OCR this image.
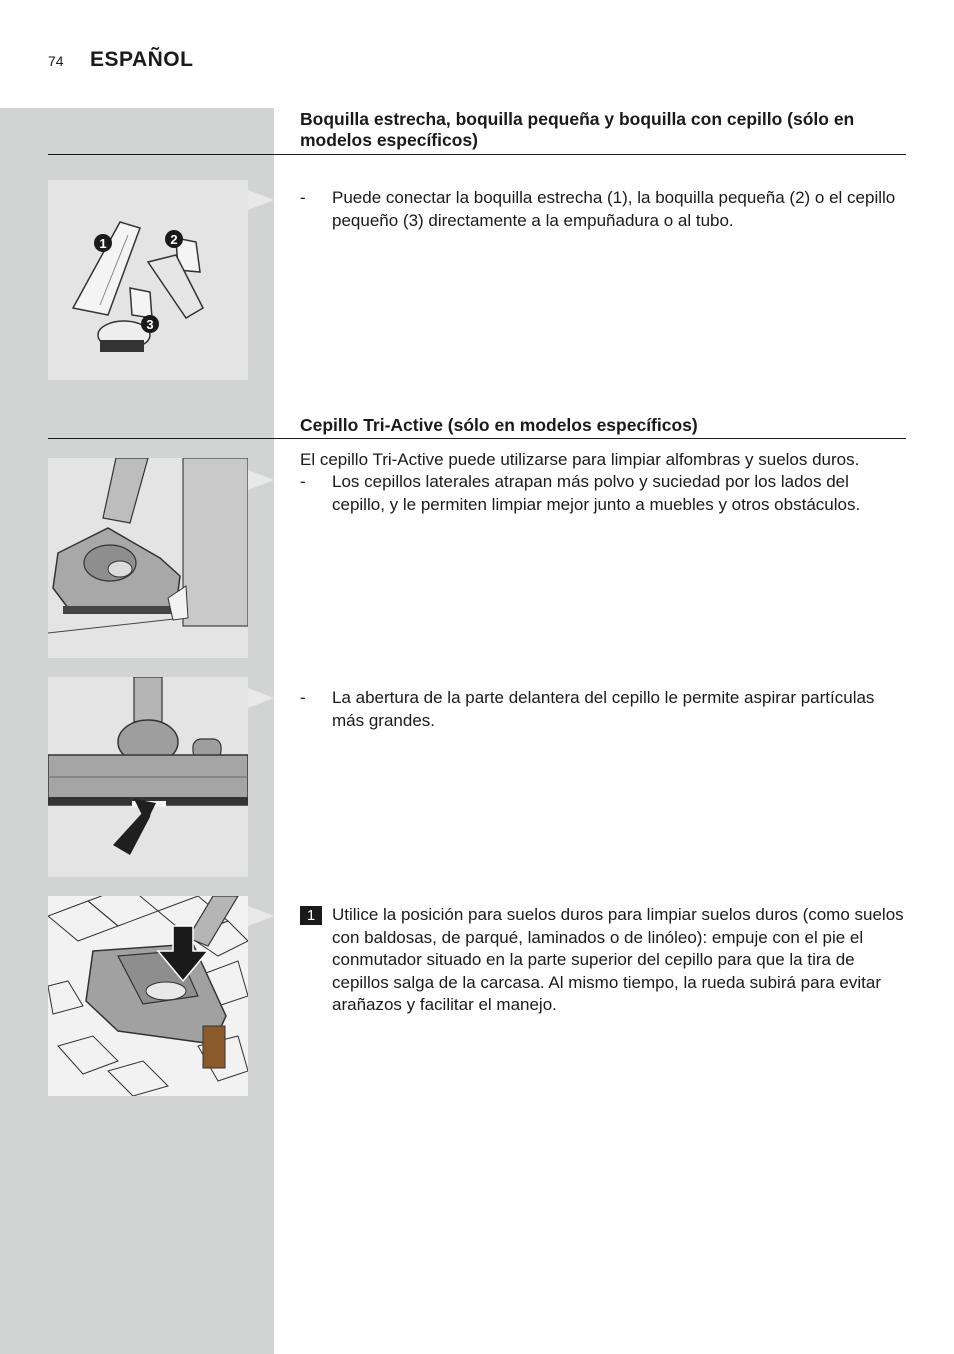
74 ESPAÑOL
Boquilla estrecha, boquilla pequeña y boquilla con cepillo (sólo en modelos específicos)
1	2
3
-	Puede conectar la boquilla estrecha (1), la boquilla pequeña (2) o el cepillo pequeño (3) directamente a la empuñadura o al tubo.
Cepillo Tri-Active (sólo en modelos específicos)
El cepillo Tri-Active puede utilizarse para limpiar alfombras y suelos duros.
-	Los cepillos laterales atrapan más polvo y suciedad por los lados del cepillo, y le permiten limpiar mejor junto a muebles y otros obstáculos.
-	La abertura de la parte delantera del cepillo le permite aspirar partículas más grandes.
1 Utilice la posición para suelos duros para limpiar suelos duros (como suelos con baldosas, de parqué, laminados o de linóleo): empuje con el pie el conmutador situado en la parte superior del cepillo para que la tira de cepillos salga de la carcasa. Al mismo tiempo, la rueda subirá para evitar arañazos y facilitar el manejo.
